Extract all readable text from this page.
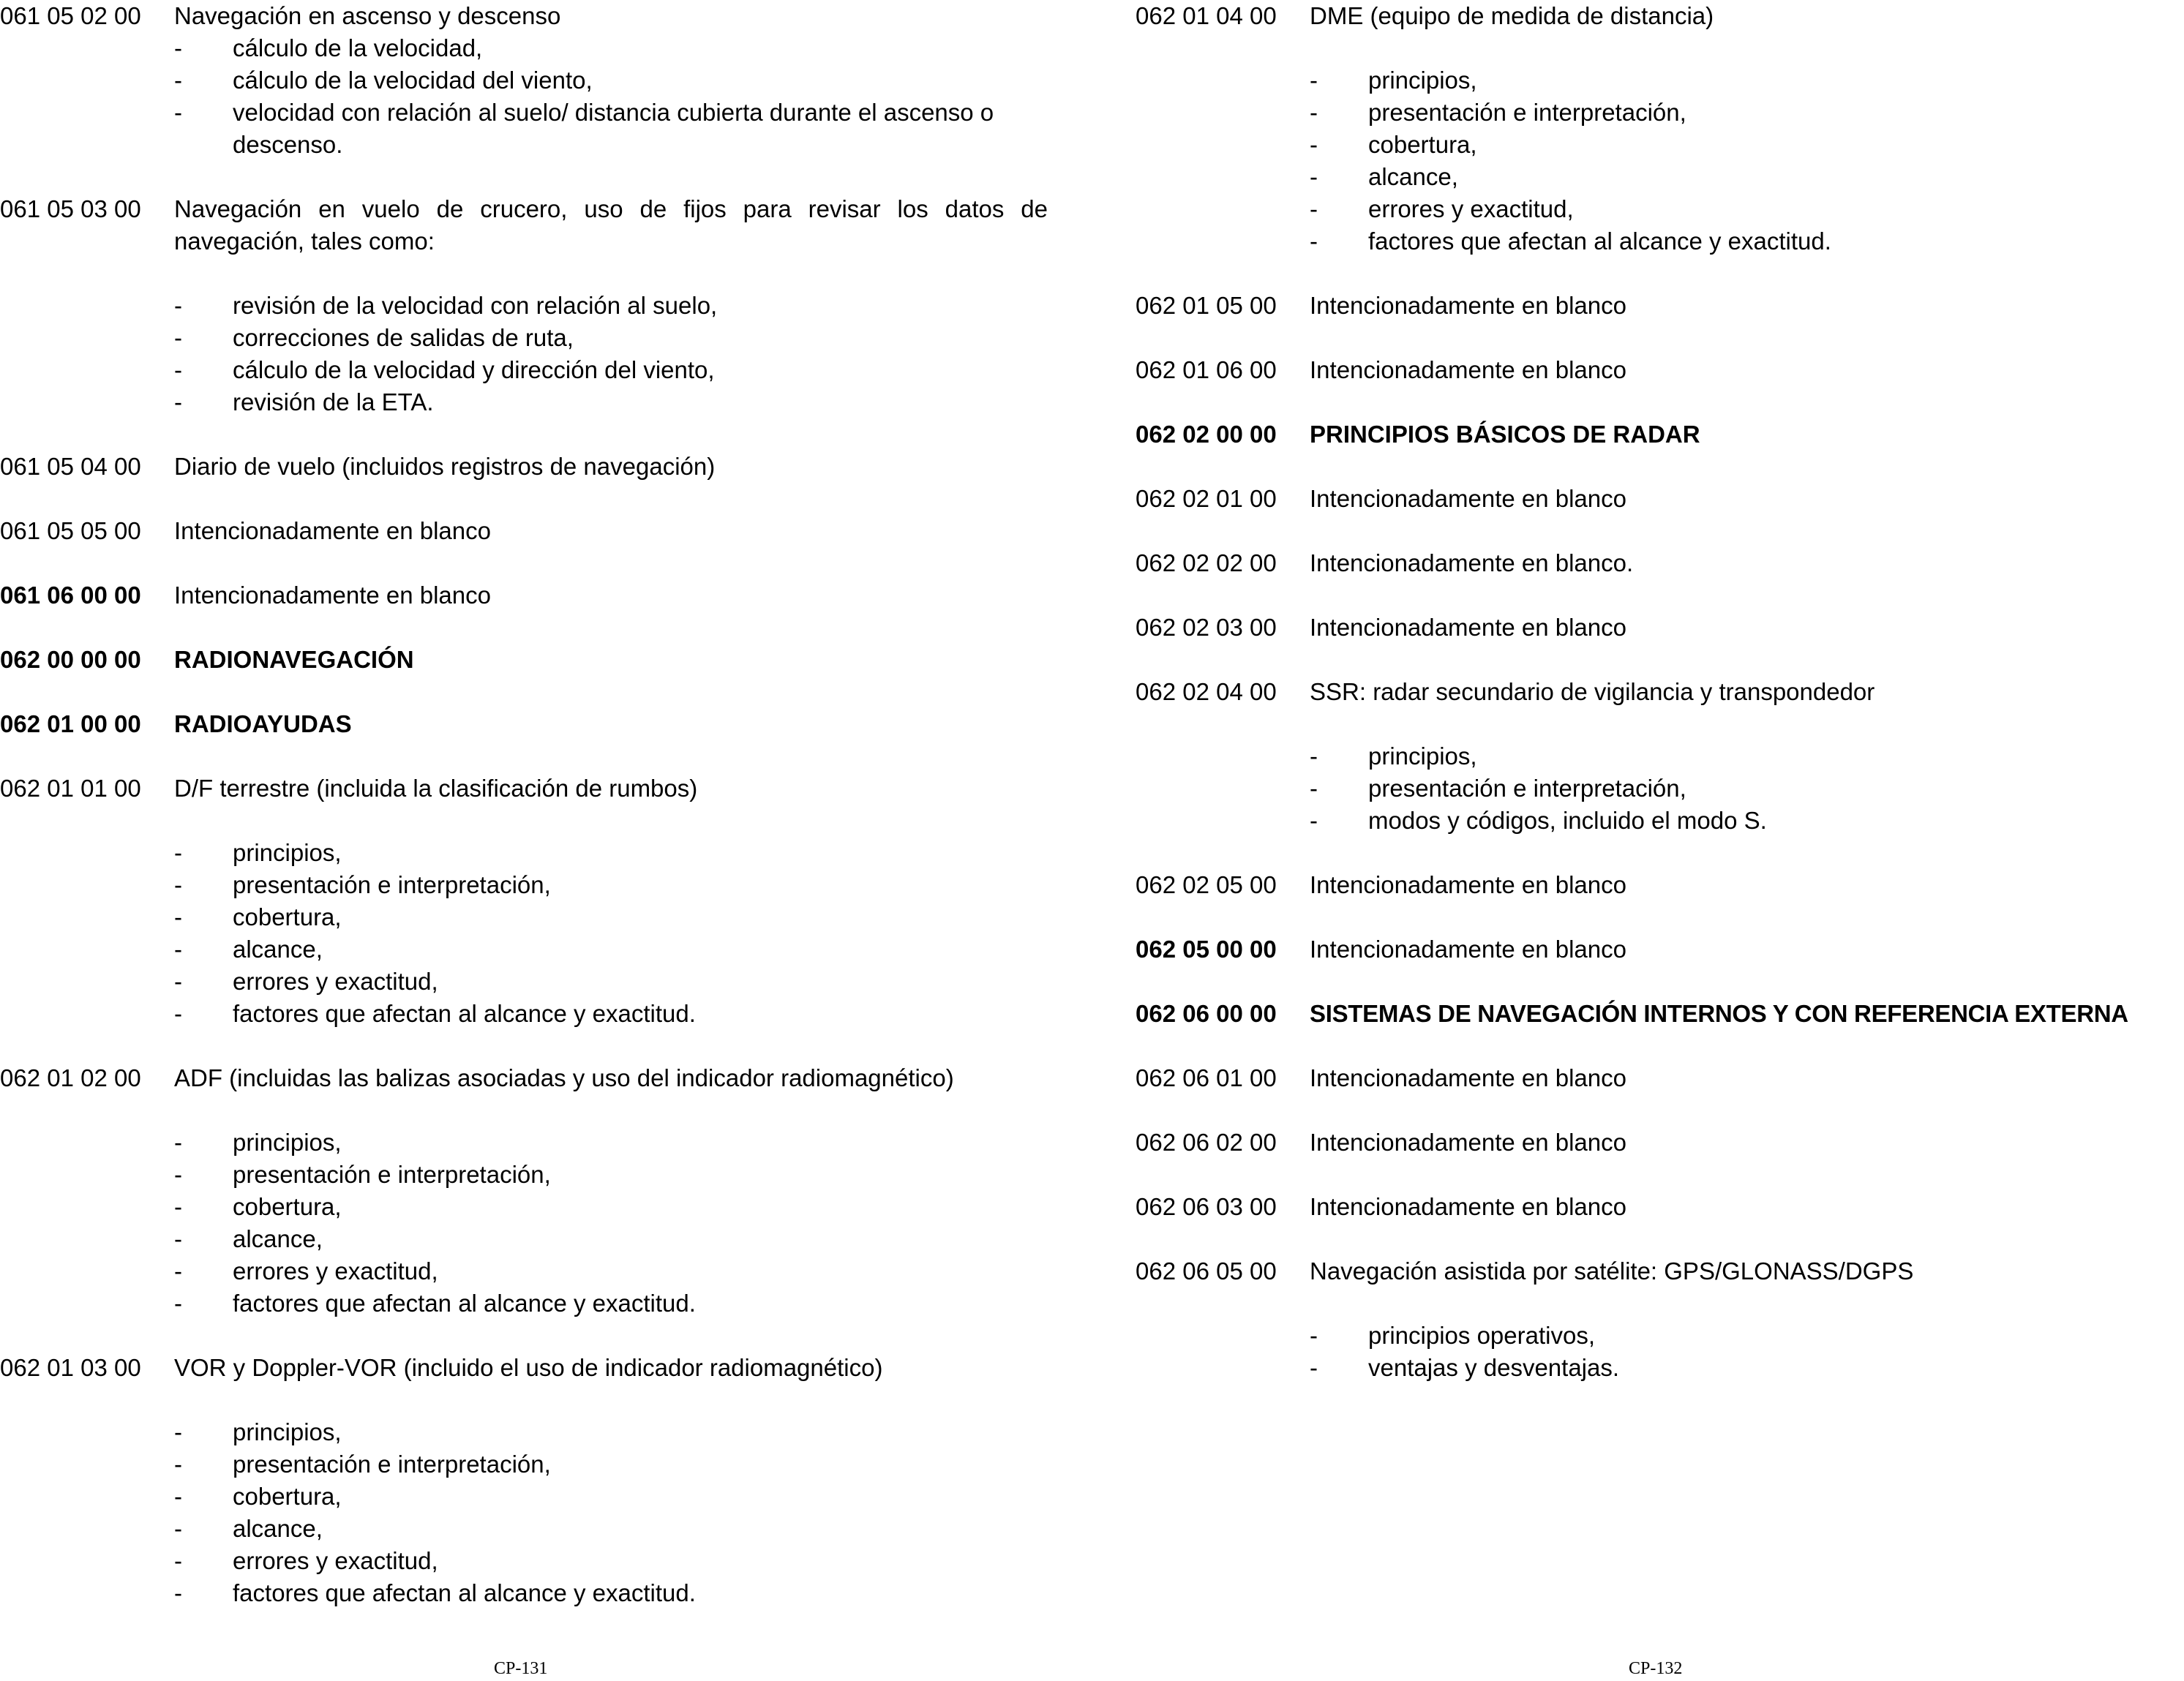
061 05 02 00	Navegación en ascenso y descenso
-	cálculo de la velocidad,
-	cálculo de la velocidad del viento,
-	velocidad con relación al suelo/ distancia cubierta durante el ascenso o descenso.
061 05 03 00	Navegación en vuelo de crucero, uso de fijos para revisar los datos de navegación, tales como:
-	revisión de la velocidad con relación al suelo,
-	correcciones de salidas de ruta,
-	cálculo de la velocidad y dirección del viento,
-	revisión de la ETA.
061 05 04 00	Diario de vuelo (incluidos registros de navegación)
061 05 05 00	Intencionadamente en blanco
061 06 00 00	Intencionadamente en blanco
062 00 00 00	RADIONAVEGACIÓN
062 01 00 00	RADIOAYUDAS
062 01 01 00	D/F terrestre (incluida la clasificación de rumbos)
-	principios,
-	presentación e interpretación,
-	cobertura,
-	alcance,
-	errores y exactitud,
-	factores que afectan al alcance y exactitud.
062 01 02 00	ADF (incluidas las balizas asociadas y uso del indicador radiomagnético)
-	principios,
-	presentación e interpretación,
-	cobertura,
-	alcance,
-	errores y exactitud,
-	factores que afectan al alcance y exactitud.
062 01 03 00	VOR y Doppler-VOR (incluido el uso de indicador radiomagnético)
-	principios,
-	presentación e interpretación,
-	cobertura,
-	alcance,
-	errores y exactitud,
-	factores que afectan al alcance y exactitud.
062 01 04 00	DME (equipo de medida de distancia)
-	principios,
-	presentación e interpretación,
-	cobertura,
-	alcance,
-	errores y exactitud,
-	factores que afectan al alcance y exactitud.
062 01 05 00	Intencionadamente en blanco
062 01 06 00	Intencionadamente en blanco
062 02 00 00	PRINCIPIOS BÁSICOS DE RADAR
062 02 01 00	Intencionadamente en blanco
062 02 02 00	Intencionadamente en blanco.
062 02 03 00	Intencionadamente en blanco
062 02 04 00	SSR: radar secundario de vigilancia y transpondedor
-	principios,
-	presentación e interpretación,
-	modos y códigos, incluido el modo S.
062 02 05 00	Intencionadamente en blanco
062 05 00 00	Intencionadamente en blanco
062 06 00 00	SISTEMAS DE NAVEGACIÓN INTERNOS Y CON REFERENCIA EXTERNA
062 06 01 00	Intencionadamente en blanco
062 06 02 00	Intencionadamente en blanco
062 06 03 00	Intencionadamente en blanco
062 06 05 00	Navegación asistida por satélite: GPS/GLONASS/DGPS
-	principios operativos,
-	ventajas y desventajas.
CP-131	CP-132
